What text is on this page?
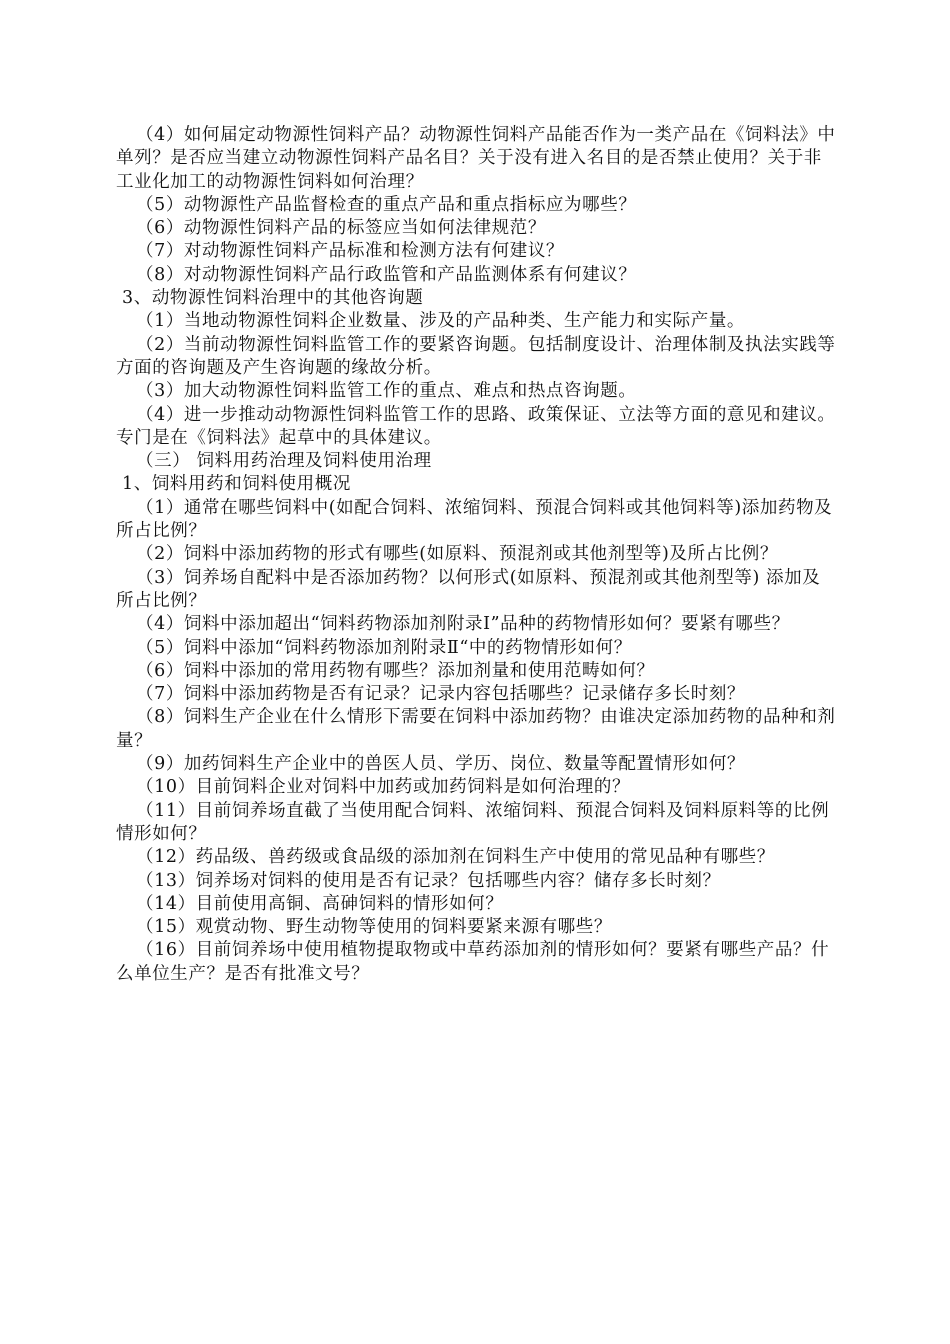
（4）如何届定动物源性饲料产品？动物源性饲料产品能否作为一类产品在《饲料法》中单列？是否应当建立动物源性饲料产品名目？关于没有进入名目的是否禁止使用？关于非工业化加工的动物源性饲料如何治理？

（5）动物源性产品监督检查的重点产品和重点指标应为哪些？

（6）动物源性饲料产品的标签应当如何法律规范？

（7）对动物源性饲料产品标准和检测方法有何建议？

（8）对动物源性饲料产品行政监管和产品监测体系有何建议？

3、动物源性饲料治理中的其他咨询题

（1）当地动物源性饲料企业数量、涉及的产品种类、生产能力和实际产量。

（2）当前动物源性饲料监管工作的要紧咨询题。包括制度设计、治理体制及执法实践等方面的咨询题及产生咨询题的缘故分析。

（3）加大动物源性饲料监管工作的重点、难点和热点咨询题。

（4）进一步推动动物源性饲料监管工作的思路、政策保证、立法等方面的意见和建议。专门是在《饲料法》起草中的具体建议。

（三） 饲料用药治理及饲料使用治理

1、饲料用药和饲料使用概况

（1）通常在哪些饲料中(如配合饲料、浓缩饲料、预混合饲料或其他饲料等)添加药物及所占比例？

（2）饲料中添加药物的形式有哪些(如原料、预混剂或其他剂型等)及所占比例？

（3）饲养场自配料中是否添加药物？以何形式(如原料、预混剂或其他剂型等) 添加及所占比例？

（4）饲料中添加超出“饲料药物添加剂附录Ⅰ”品种的药物情形如何？要紧有哪些？

（5）饲料中添加“饲料药物添加剂附录Ⅱ“中的药物情形如何？

（6）饲料中添加的常用药物有哪些？添加剂量和使用范畴如何？

（7）饲料中添加药物是否有记录？记录内容包括哪些？记录储存多长时刻？

（8）饲料生产企业在什么情形下需要在饲料中添加药物？由谁决定添加药物的品种和剂量？

（9）加药饲料生产企业中的兽医人员、学历、岗位、数量等配置情形如何？

（10）目前饲料企业对饲料中加药或加药饲料是如何治理的？

（11）目前饲养场直截了当使用配合饲料、浓缩饲料、预混合饲料及饲料原料等的比例情形如何？

（12）药品级、兽药级或食品级的添加剂在饲料生产中使用的常见品种有哪些？

（13）饲养场对饲料的使用是否有记录？包括哪些内容？储存多长时刻？

（14）目前使用高铜、高砷饲料的情形如何？

（15）观赏动物、野生动物等使用的饲料要紧来源有哪些？

（16）目前饲养场中使用植物提取物或中草药添加剂的情形如何？要紧有哪些产品？什么单位生产？是否有批准文号？
